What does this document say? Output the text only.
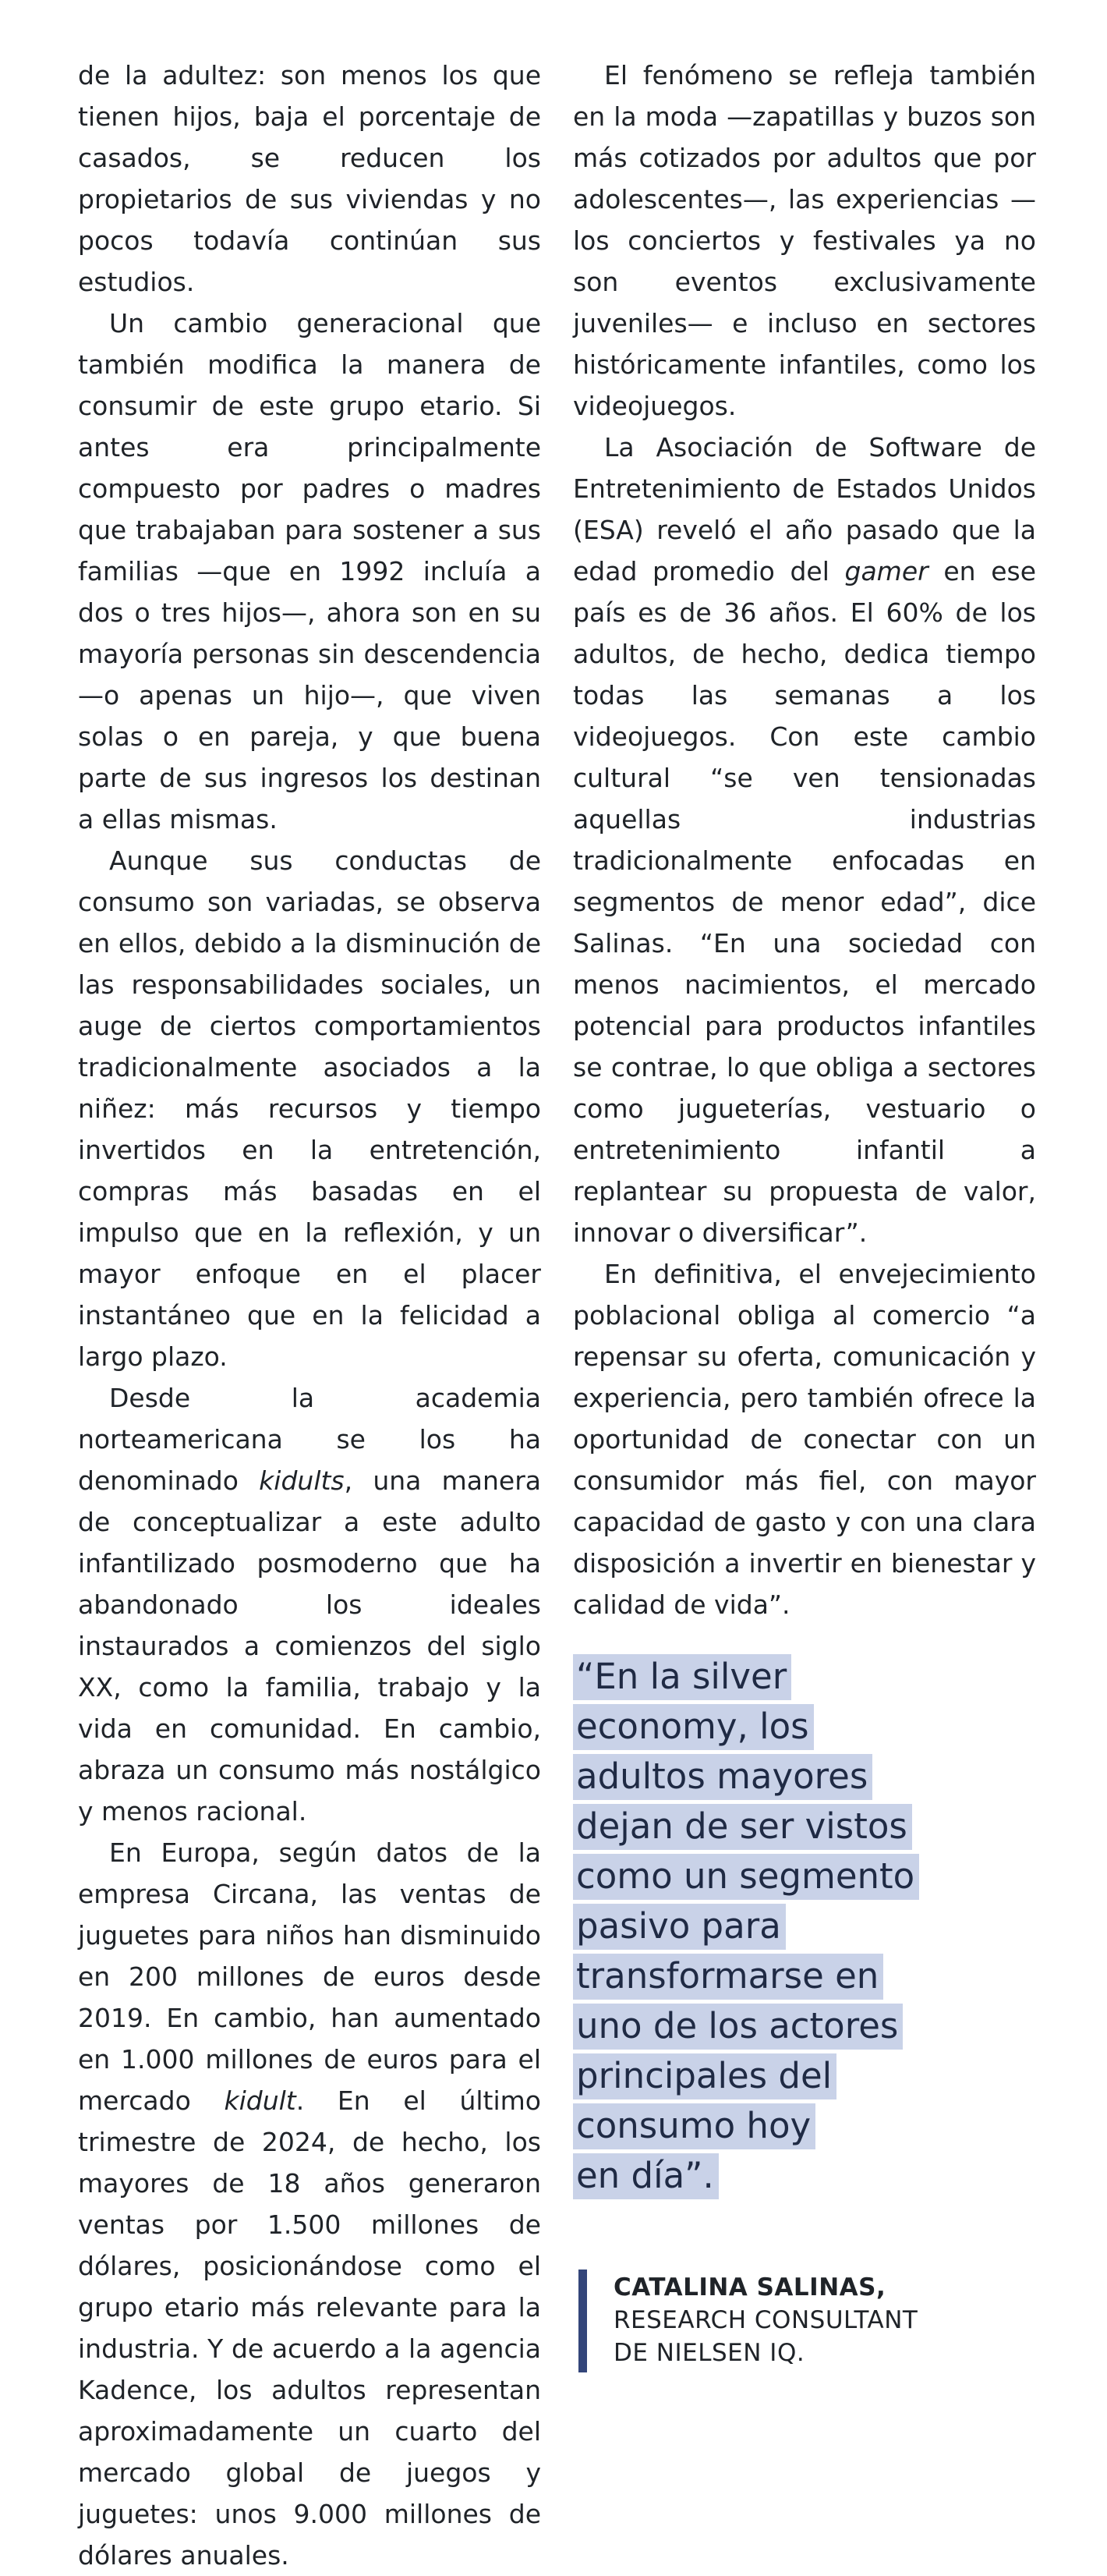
de la adultez: son menos los que tienen hijos, baja el porcentaje de casados, se reducen los propietarios de sus viviendas y no pocos todavía continúan sus estudios.

Un cambio generacional que también modifica la manera de consumir de este grupo etario. Si antes era principalmente compuesto por padres o madres que trabajaban para sostener a sus familias —que en 1992 incluía a dos o tres hijos—, ahora son en su mayoría personas sin descendencia —o apenas un hijo—, que viven solas o en pareja, y que buena parte de sus ingresos los destinan a ellas mismas.

Aunque sus conductas de consumo son variadas, se observa en ellos, debido a la disminución de las responsabilidades sociales, un auge de ciertos comportamientos tradicionalmente asociados a la niñez: más recursos y tiempo invertidos en la entretención, compras más basadas en el impulso que en la reflexión, y un mayor enfoque en el placer instantáneo que en la felicidad a largo plazo.

Desde la academia norteamericana se los ha denominado kidults, una manera de conceptualizar a este adulto infantilizado posmoderno que ha abandonado los ideales instaurados a comienzos del siglo XX, como la familia, trabajo y la vida en comunidad. En cambio, abraza un consumo más nostálgico y menos racional.

En Europa, según datos de la empresa Circana, las ventas de juguetes para niños han disminuido en 200 millones de euros desde 2019. En cambio, han aumentado en 1.000 millones de euros para el mercado kidult. En el último trimestre de 2024, de hecho, los mayores de 18 años generaron ventas por 1.500 millones de dólares, posicionándose como el grupo etario más relevante para la industria. Y de acuerdo a la agencia Kadence, los adultos representan aproximadamente un cuarto del mercado global de juegos y juguetes: unos 9.000 millones de dólares anuales.

El fenómeno se refleja también en la moda —zapatillas y buzos son más cotizados por adultos que por adolescentes—, las experiencias —los conciertos y festivales ya no son eventos exclusivamente juveniles— e incluso en sectores históricamente infantiles, como los videojuegos.

La Asociación de Software de Entretenimiento de Estados Unidos (ESA) reveló el año pasado que la edad promedio del gamer en ese país es de 36 años. El 60% de los adultos, de hecho, dedica tiempo todas las semanas a los videojuegos. Con este cambio cultural “se ven tensionadas aquellas industrias tradicionalmente enfocadas en segmentos de menor edad”, dice Salinas. “En una sociedad con menos nacimientos, el mercado potencial para productos infantiles se contrae, lo que obliga a sectores como jugueterías, vestuario o entretenimiento infantil a replantear su propuesta de valor, innovar o diversificar”.

En definitiva, el envejecimiento poblacional obliga al comercio “a repensar su oferta, comunicación y experiencia, pero también ofrece la oportunidad de conectar con un consumidor más fiel, con mayor capacidad de gasto y con una clara disposición a invertir en bienestar y calidad de vida”.

“En la silver
economy, los
adultos mayores
dejan de ser vistos
como un segmento
pasivo para
transformarse en
uno de los actores
principales del
consumo hoy
en día”.
CATALINA SALINAS,
RESEARCH CONSULTANT
DE NIELSEN IQ.
